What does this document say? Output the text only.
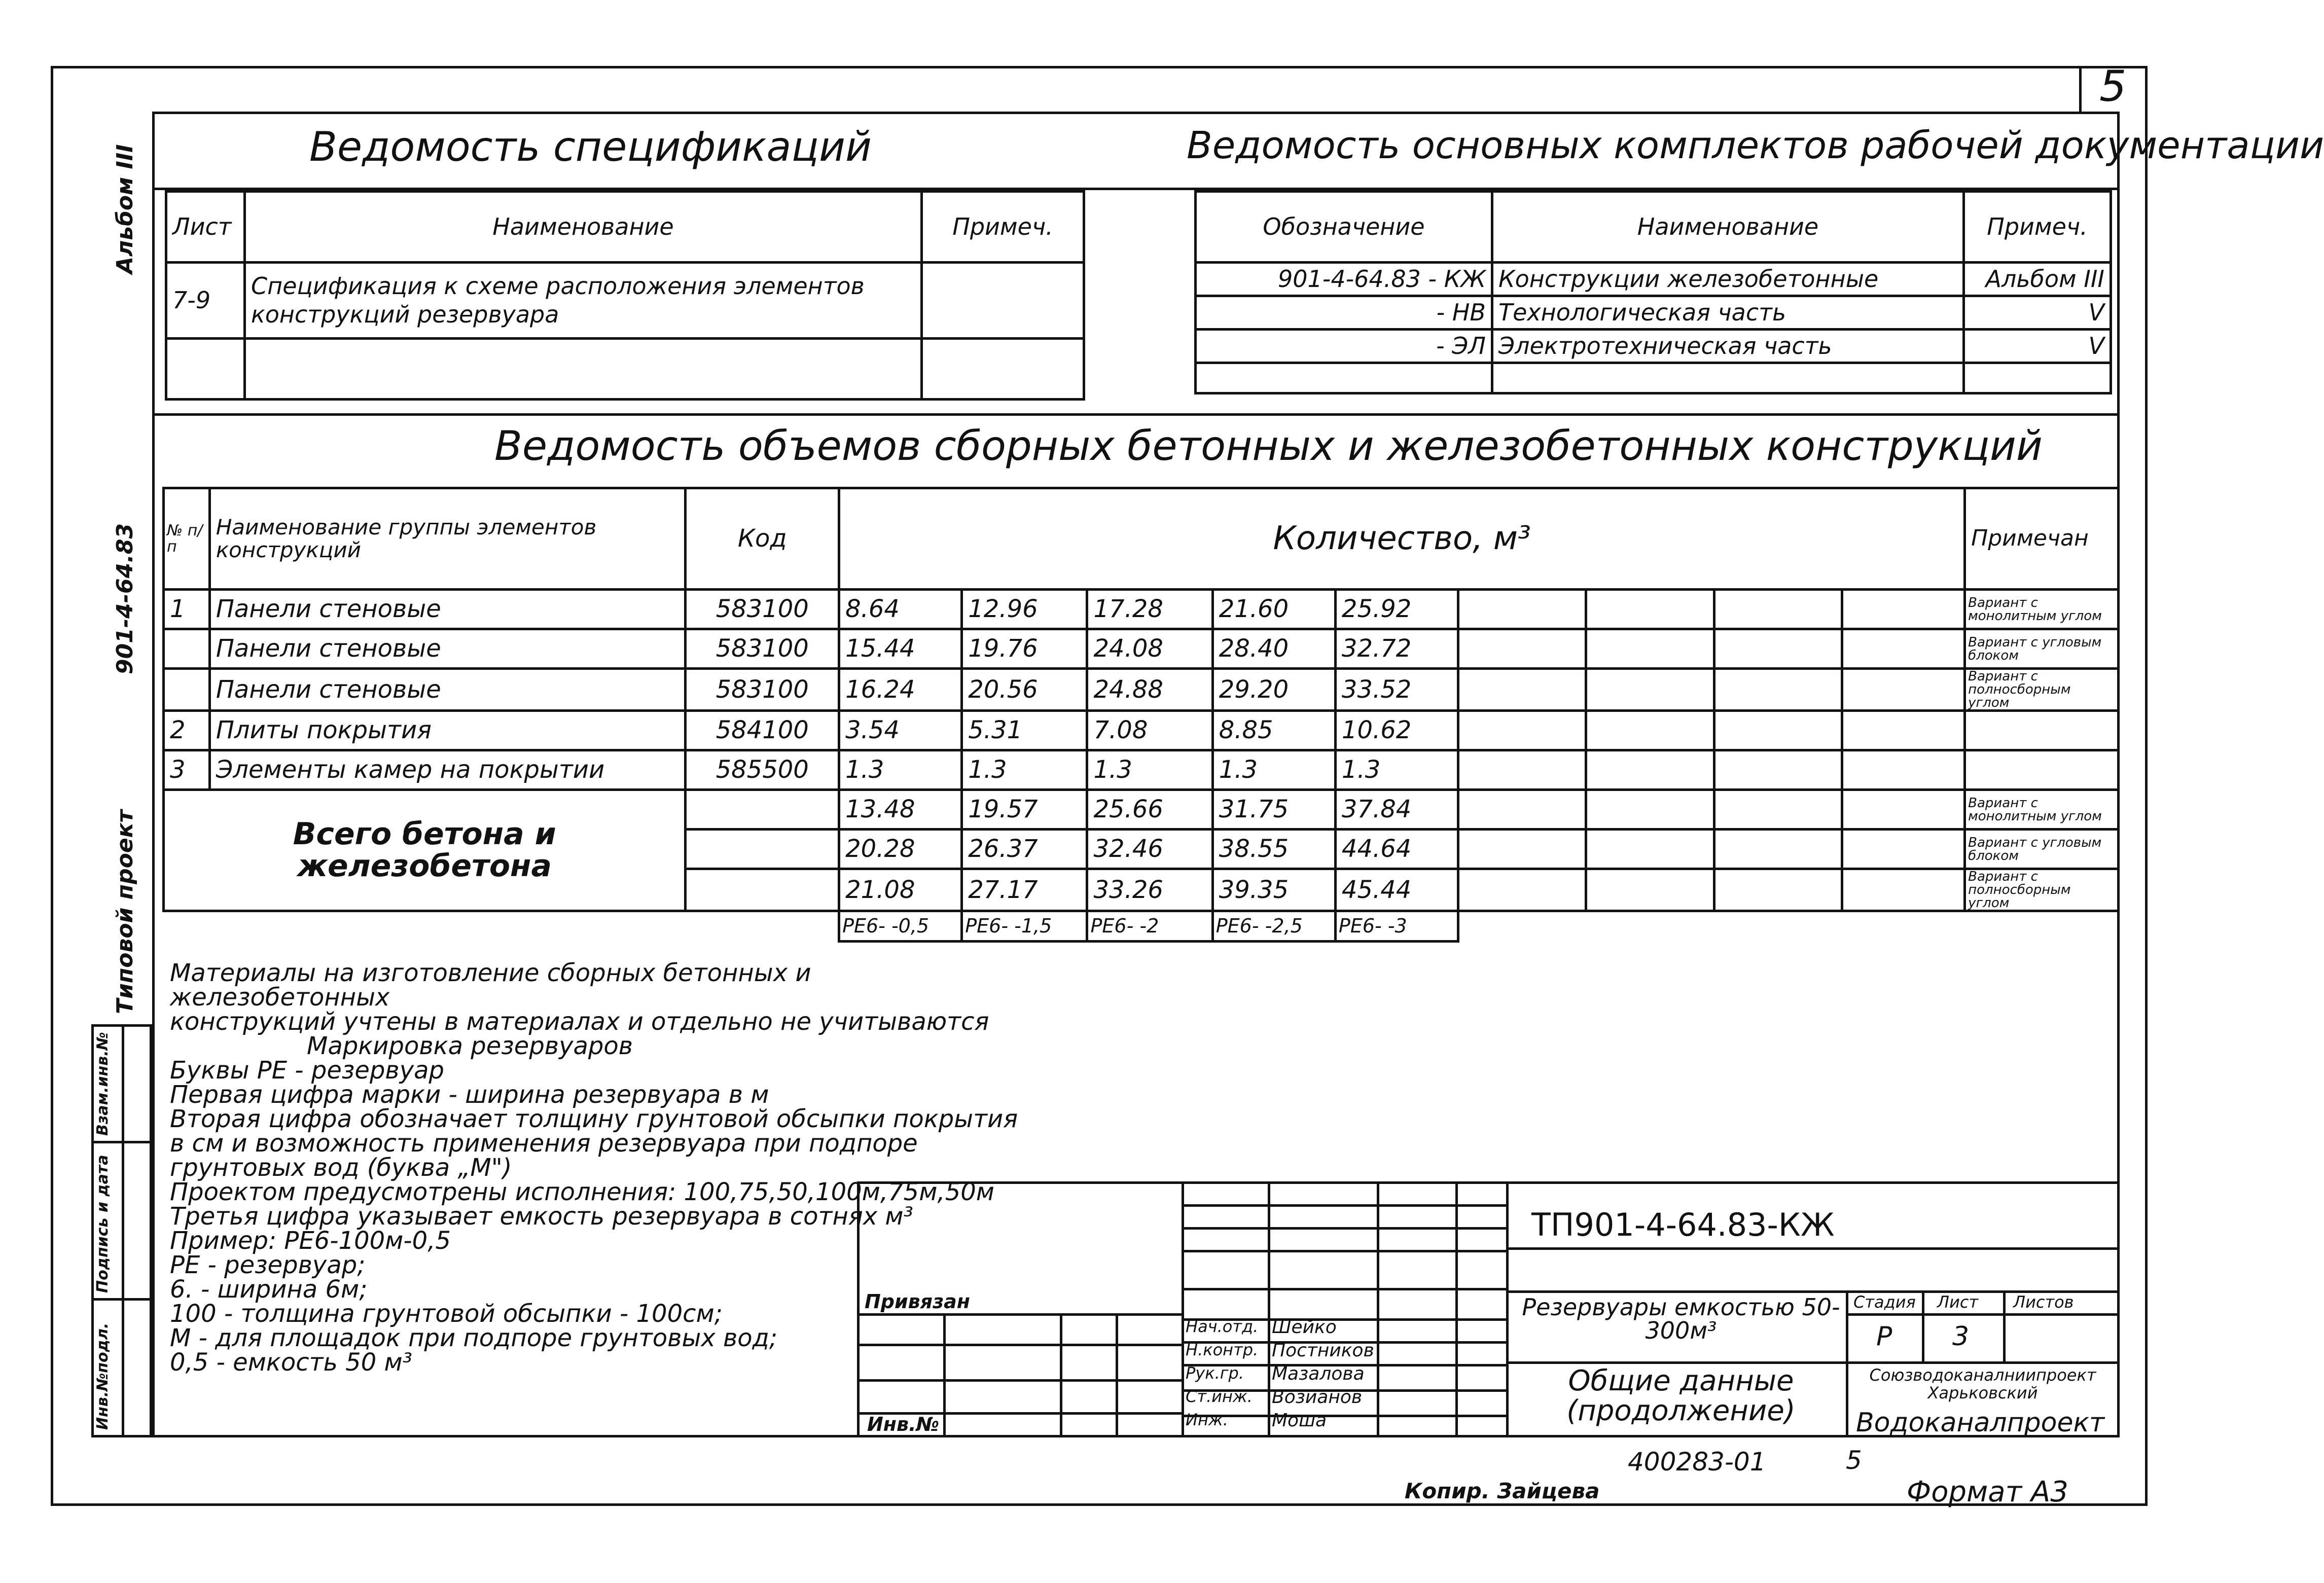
5
Альбом III
901-4-64.83
Типовой проект
Инв.№подл.
Подпись и дата
Взам.инв.№
Ведомость спецификаций	Ведомость основных комплектов рабочей документации
Лист	Наименование	Примеч.
7-9	Спецификация к схеме расположения элементов конструкций резервуара	

Обозначение	Наименование	Примеч.
901-4-64.83 - КЖ	Конструкции железобетонные	Альбом III
- НВ	Технологическая часть	V
- ЭЛ	Электротехническая часть	V

Ведомость объемов сборных бетонных и железобетонных конструкций
№ п/п	Наименование группы элементов конструкций	Код	Количество, м³									Примечан
1	Панели стеновые	583100	8.64	12.96	17.28	21.60	25.92					Вариант с монолитным углом
	Панели стеновые	583100	15.44	19.76	24.08	28.40	32.72					Вариант с угловым блоком
	Панели стеновые	583100	16.24	20.56	24.88	29.20	33.52					Вариант с полносборным углом
2	Плиты покрытия	584100	3.54	5.31	7.08	8.85	10.62					
3	Элементы камер на покрытии	585500	1.3	1.3	1.3	1.3	1.3					
Всего бетона и железобетона			13.48	19.57	25.66	31.75	37.84					Вариант с монолитным углом
			20.28	26.37	32.46	38.55	44.64					Вариант с угловым блоком
			21.08	27.17	33.26	39.35	45.44					Вариант с полносборным углом
			РЕ6- -0,5	РЕ6- -1,5	РЕ6- -2	РЕ6- -2,5	РЕ6- -3					
Материалы на изготовление сборных бетонных и железобетонных
конструкций учтены в материалах и отдельно не учитываются
Маркировка резервуаров
Буквы РЕ - резервуар
Первая цифра марки - ширина резервуара в м
Вторая цифра обозначает толщину грунтовой обсыпки покрытия
в см и возможность применения резервуара при подпоре
грунтовых вод (буква „М")
Проектом предусмотрены исполнения: 100,75,50,100м,75м,50м
Третья цифра указывает емкость резервуара в сотнях м³
Пример: РЕ6-100м-0,5
РЕ - резервуар;
6. - ширина 6м;
100 - толщина грунтовой обсыпки - 100см;
М - для площадок при подпоре грунтовых вод;
0,5 - емкость 50 м³
Привязан
Инв.№
Нач.отд. Шейко
Н.контр. Постников
Рук.гр. Мазалова
Ст.инж. Возианов
Инж. Мошa
ТП901-4-64.83-КЖ
Резервуары емкостью 50-300м³
Общие данные (продолжение)
Стадия Лист Листов
Р 3
Союзводоканалниипроект Харьковский
Водоканалпроект
400283-01	5
Копир. Зайцева	Формат А3
